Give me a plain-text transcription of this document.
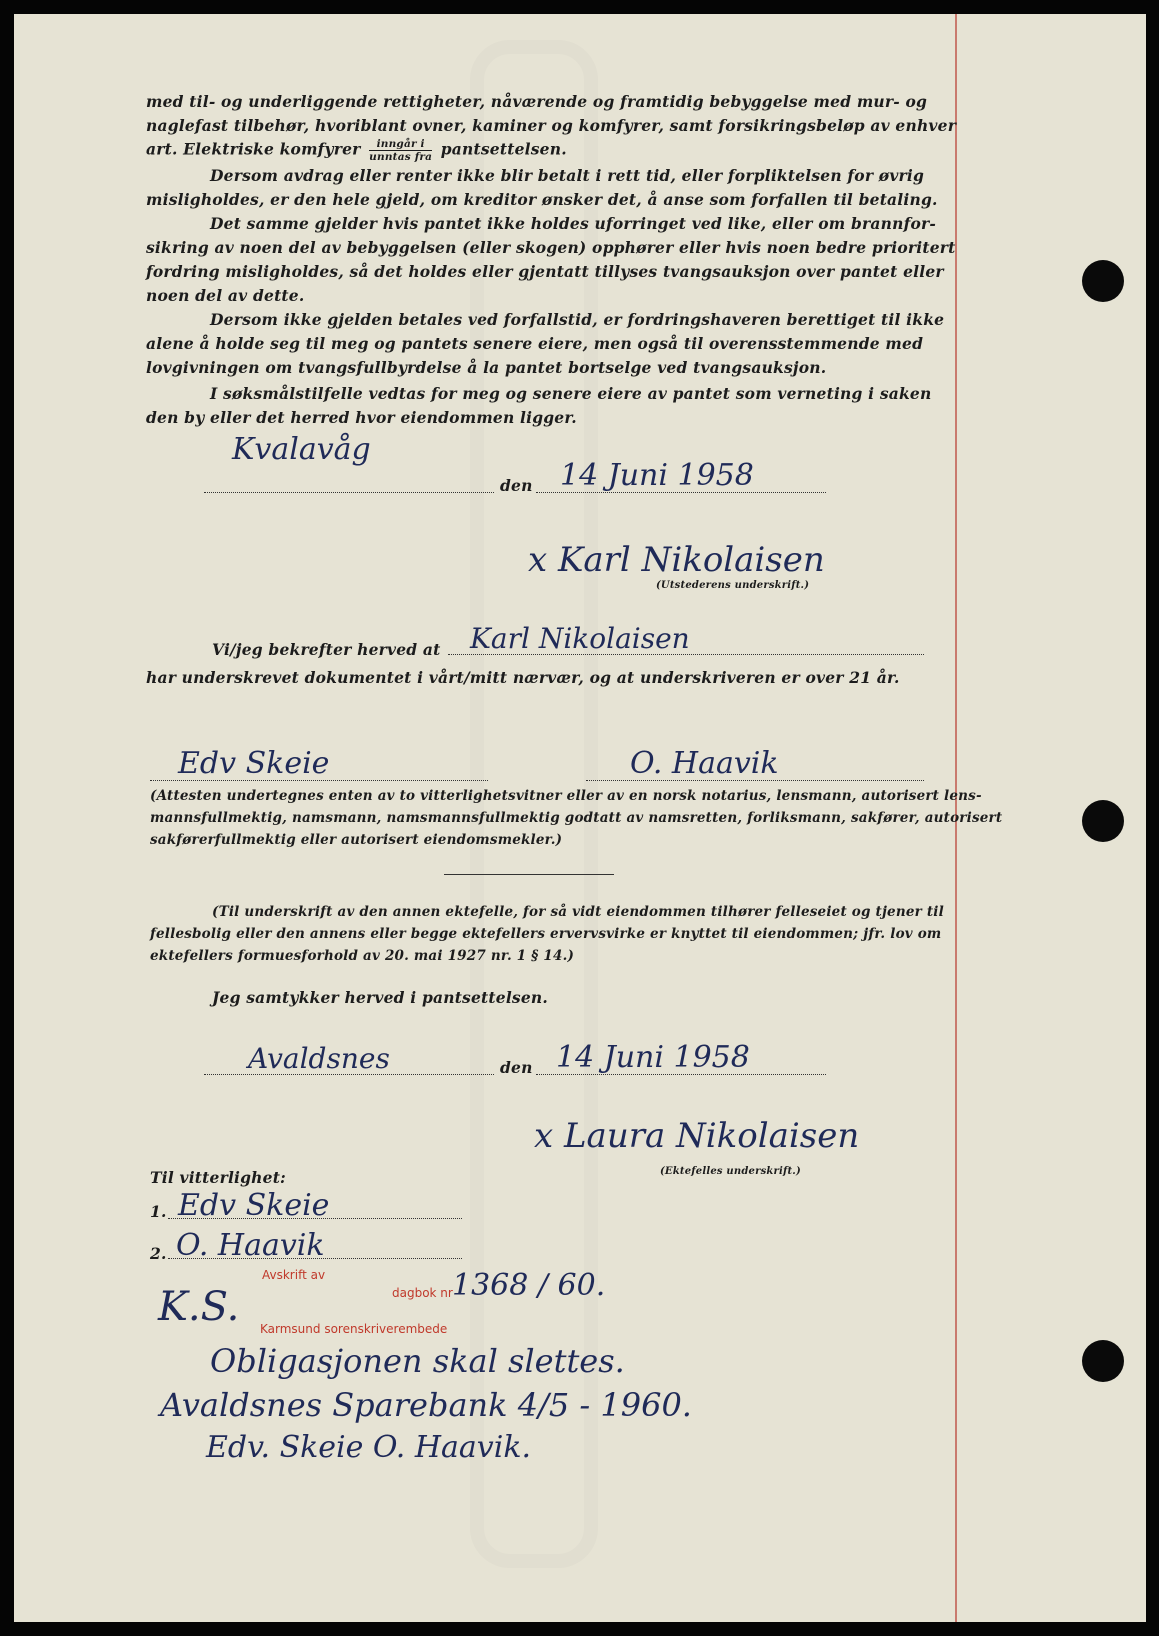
med til- og underliggende rettigheter, nåværende og framtidig bebyggelse med mur- og
naglefast tilbehør, hvoriblant ovner, kaminer og komfyrer, samt forsikringsbeløp av enhver
art. Elektriske komfyrer $\frac{\text{inngår i}}{\text{unntas fra}}$ pantsettelsen.
Dersom avdrag eller renter ikke blir betalt i rett tid, eller forpliktelsen for øvrig
misligholdes, er den hele gjeld, om kreditor ønsker det, å anse som forfallen til betaling.
Det samme gjelder hvis pantet ikke holdes uforringet ved like, eller om brannfor-
sikring av noen del av bebyggelsen (eller skogen) opphører eller hvis noen bedre prioritert
fordring misligholdes, så det holdes eller gjentatt tillyses tvangsauksjon over pantet eller
noen del av dette.
Dersom ikke gjelden betales ved forfallstid, er fordringshaveren berettiget til ikke
alene å holde seg til meg og pantets senere eiere, men også til overensstemmende med
lovgivningen om tvangsfullbyrdelse å la pantet bortselge ved tvangsauksjon.
I søksmålstilfelle vedtas for meg og senere eiere av pantet som verneting i saken
den by eller det herred hvor eiendommen ligger.
Kvalavåg
den 14 Juni 1958
x Karl Nikolaisen
(Utstederens underskrift.)
Vi/jeg bekrefter herved at Karl Nikolaisen
har underskrevet dokumentet i vårt/mitt nærvær, og at underskriveren er over 21 år.
Edv Skeie	O. Haavik
(Attesten undertegnes enten av to vitterlighetsvitner eller av en norsk notarius, lensmann, autorisert lens-
mannsfullmektig, namsmann, namsmannsfullmektig godtatt av namsretten, forliksmann, sakfører, autorisert
sakførerfullmektig eller autorisert eiendomsmekler.)
(Til underskrift av den annen ektefelle, for så vidt eiendommen tilhører felleseiet og tjener til
fellesbolig eller den annens eller begge ektefellers ervervsvirke er knyttet til eiendommen; jfr. lov om
ektefellers formuesforhold av 20. mai 1927 nr. 1 § 14.)
Jeg samtykker herved i pantsettelsen.
Avaldsnes	den 14 Juni 1958
x Laura Nikolaisen
(Ektefelles underskrift.)
Til vitterlighet:
1. Edv Skeie
2. O. Haavik
K.S.
Avskrift av
dagbok nr 1368 / 60.
Karmsund sorenskriverembede
Obligasjonen skal slettes.
Avaldsnes Sparebank 4/5 - 1960.
Edv. Skeie O. Haavik.
